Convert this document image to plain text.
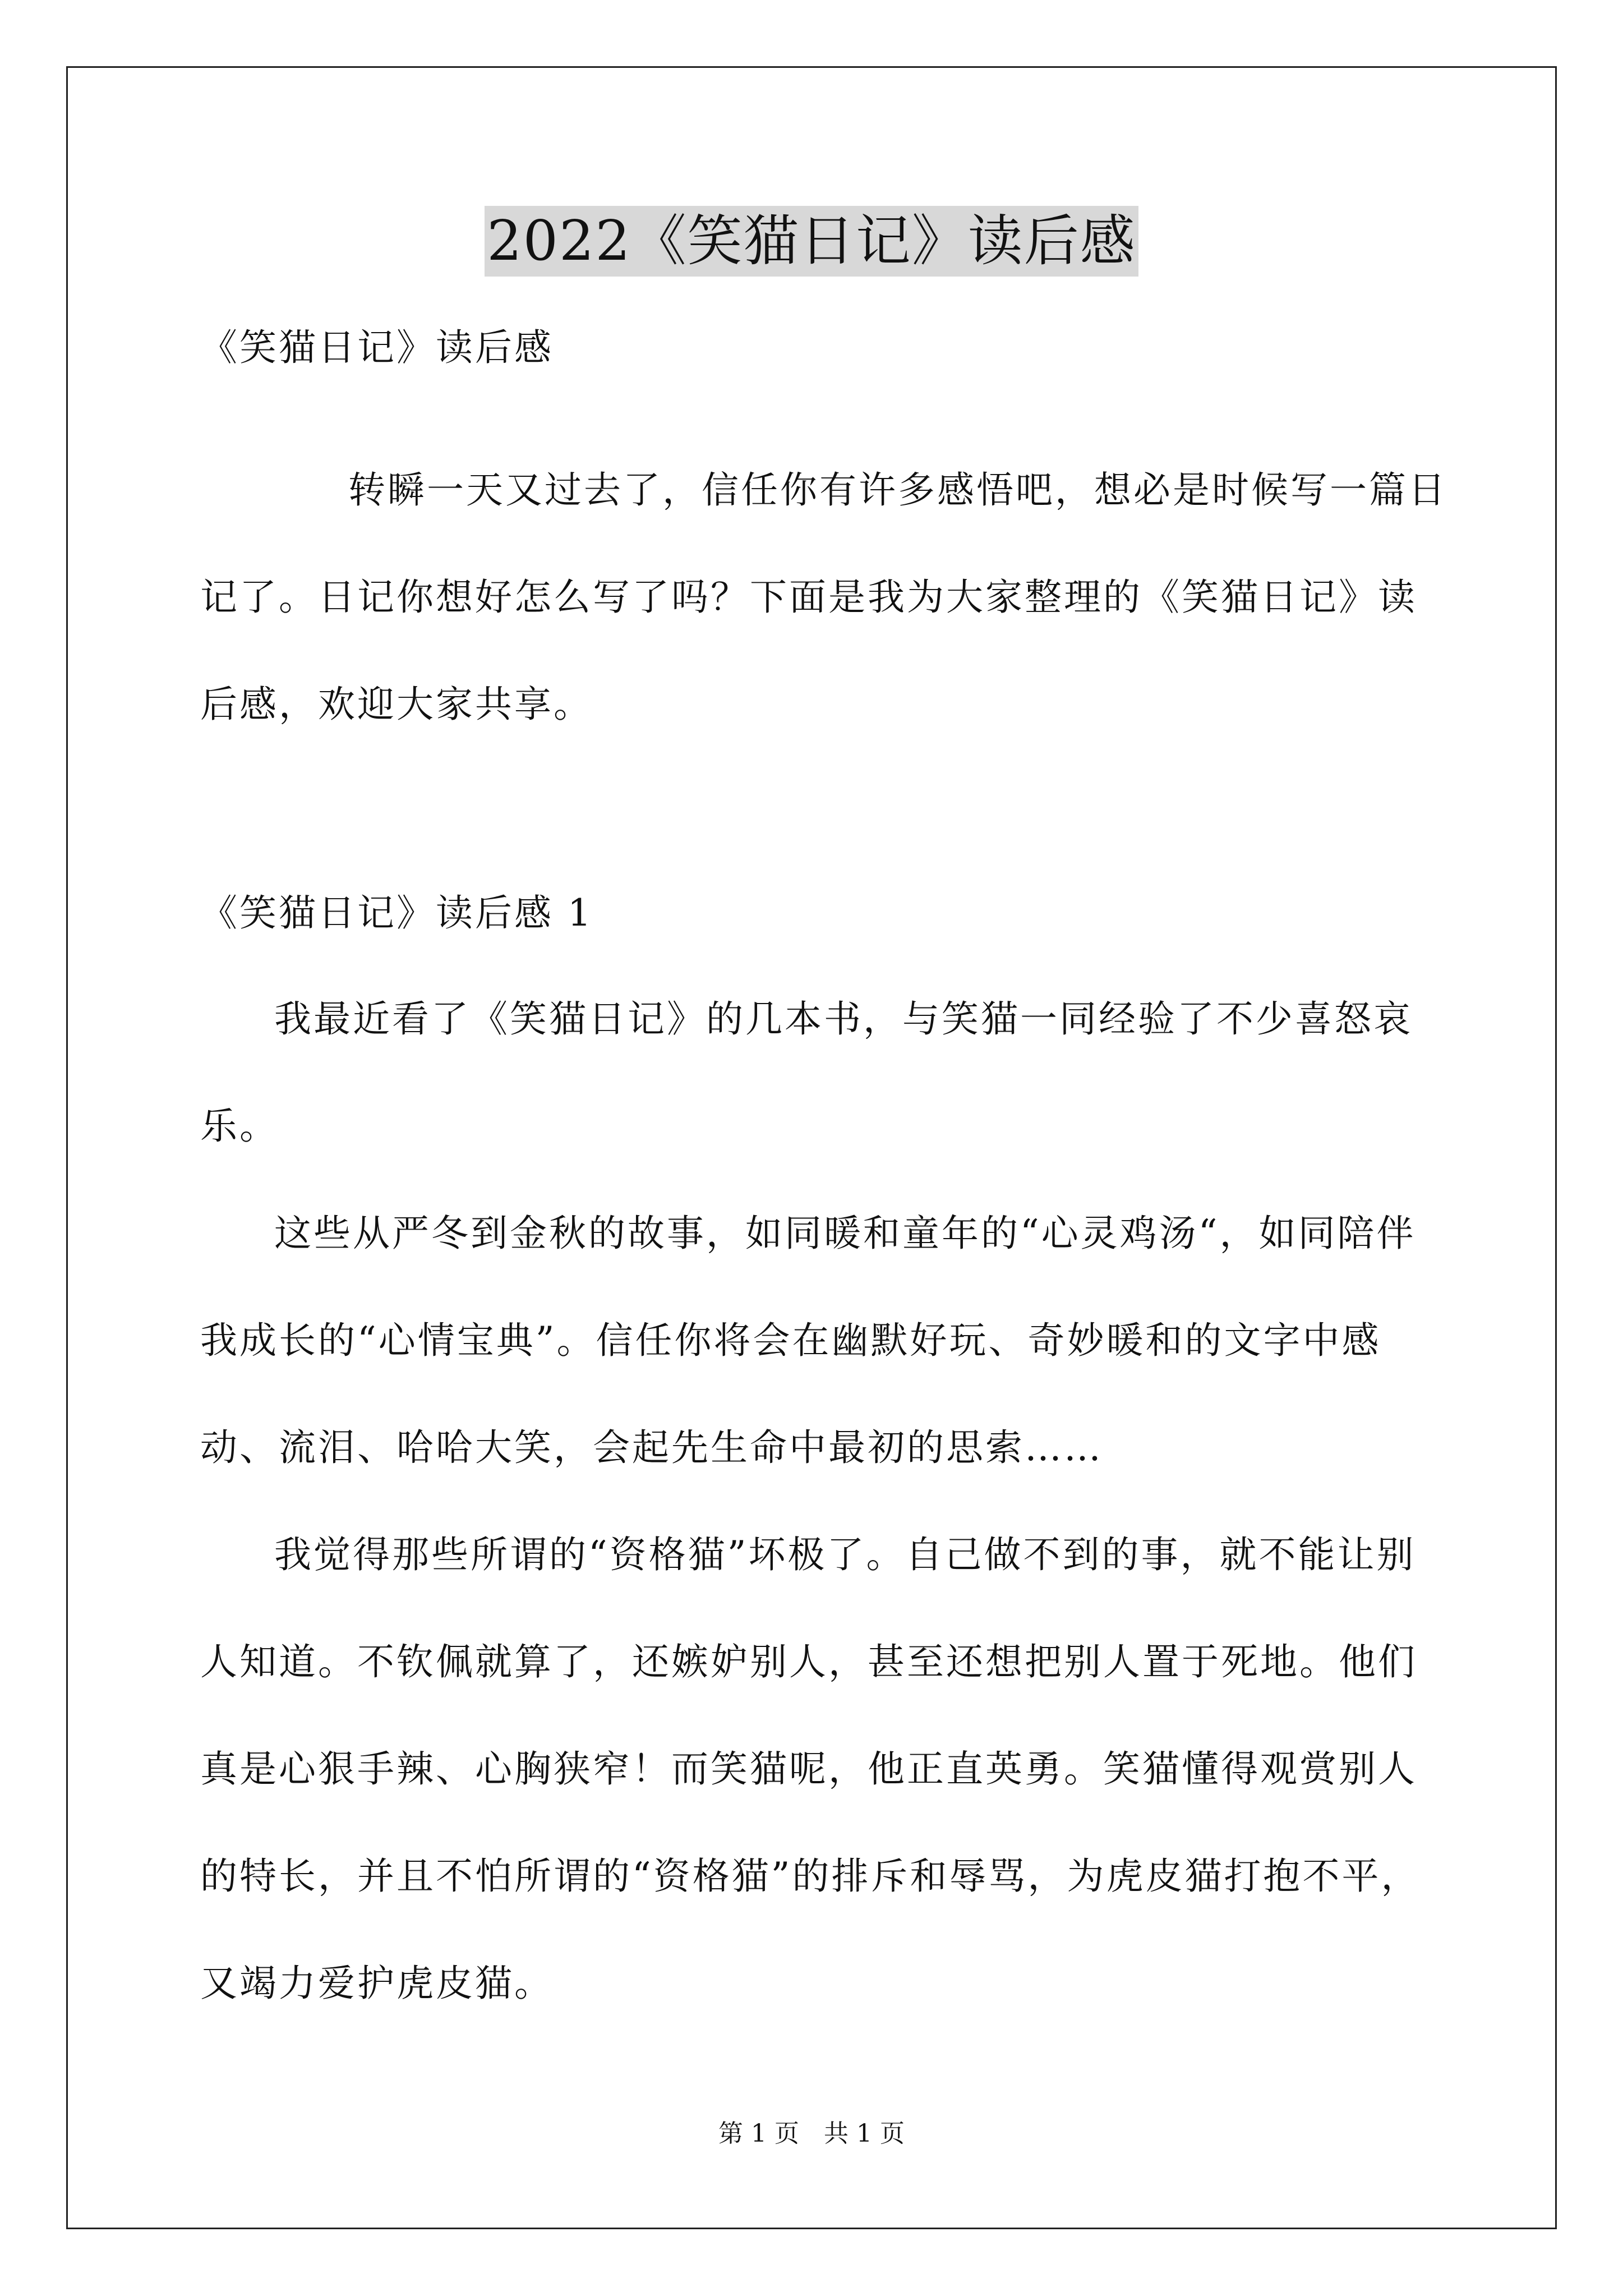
2022《笑猫日记》读后感
《笑猫日记》读后感

转瞬一天又过去了，信任你有许多感悟吧，想必是时候写一篇日记了。日记你想好怎么写了吗？下面是我为大家整理的《笑猫日记》读后感，欢迎大家共享。

《笑猫日记》读后感 1

我最近看了《笑猫日记》的几本书，与笑猫一同经验了不少喜怒哀乐。

这些从严冬到金秋的故事，如同暖和童年的“心灵鸡汤“，如同陪伴我成长的“心情宝典”。信任你将会在幽默好玩、奇妙暖和的文字中感动、流泪、哈哈大笑，会起先生命中最初的思索……

我觉得那些所谓的“资格猫”坏极了。自己做不到的事，就不能让别人知道。不钦佩就算了，还嫉妒别人，甚至还想把别人置于死地。他们真是心狠手辣、心胸狭窄！而笑猫呢，他正直英勇。笑猫懂得观赏别人的特长，并且不怕所谓的“资格猫”的排斥和辱骂，为虎皮猫打抱不平，又竭力爱护虎皮猫。

第 1 页　共 1 页
